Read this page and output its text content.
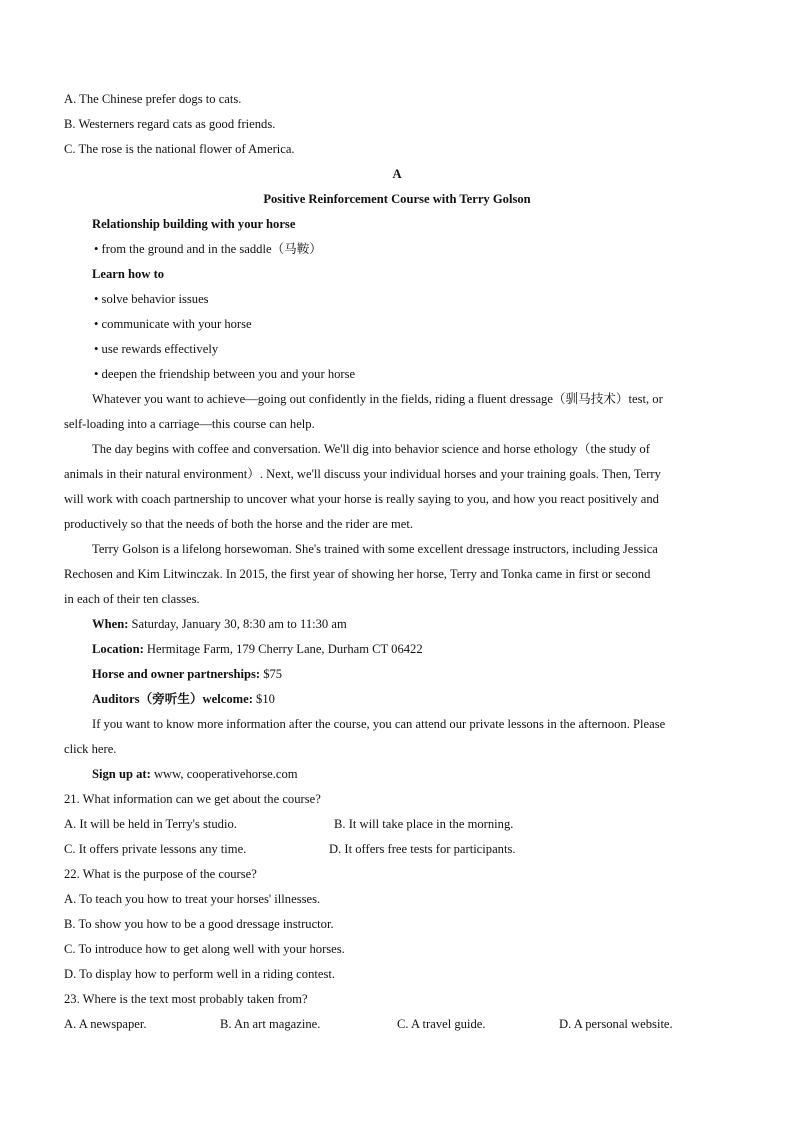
A. The Chinese prefer dogs to cats.
B. Westerners regard cats as good friends.
C. The rose is the national flower of America.
A
Positive Reinforcement Course with Terry Golson
Relationship building with your horse
• from the ground and in the saddle（马鞍）
Learn how to
• solve behavior issues
• communicate with your horse
• use rewards effectively
• deepen the friendship between you and your horse
Whatever you want to achieve—going out confidently in the fields, riding a fluent dressage（驯马技术）test, or
self-loading into a carriage—this course can help.
The day begins with coffee and conversation. We'll dig into behavior science and horse ethology（the study of
animals in their natural environment）. Next, we'll discuss your individual horses and your training goals. Then, Terry
will work with coach partnership to uncover what your horse is really saying to you, and how you react positively and
productively so that the needs of both the horse and the rider are met.
Terry Golson is a lifelong horsewoman. She's trained with some excellent dressage instructors, including Jessica
Rechosen and Kim Litwinczak. In 2015, the first year of showing her horse, Terry and Tonka came in first or second
in each of their ten classes.
When: Saturday, January 30, 8:30 am to 11:30 am
Location: Hermitage Farm, 179 Cherry Lane, Durham CT 06422
Horse and owner partnerships: $75
Auditors（旁听生）welcome: $10
If you want to know more information after the course, you can attend our private lessons in the afternoon. Please
click here.
Sign up at: www, cooperativehorse.com
21. What information can we get about the course?
A. It will be held in Terry's studio.	B. It will take place in the morning.
C. It offers private lessons any time.	D. It offers free tests for participants.
22. What is the purpose of the course?
A. To teach you how to treat your horses' illnesses.
B. To show you how to be a good dressage instructor.
C. To introduce how to get along well with your horses.
D. To display how to perform well in a riding contest.
23. Where is the text most probably taken from?
A. A newspaper.	B. An art magazine.	C. A travel guide.	D. A personal website.
